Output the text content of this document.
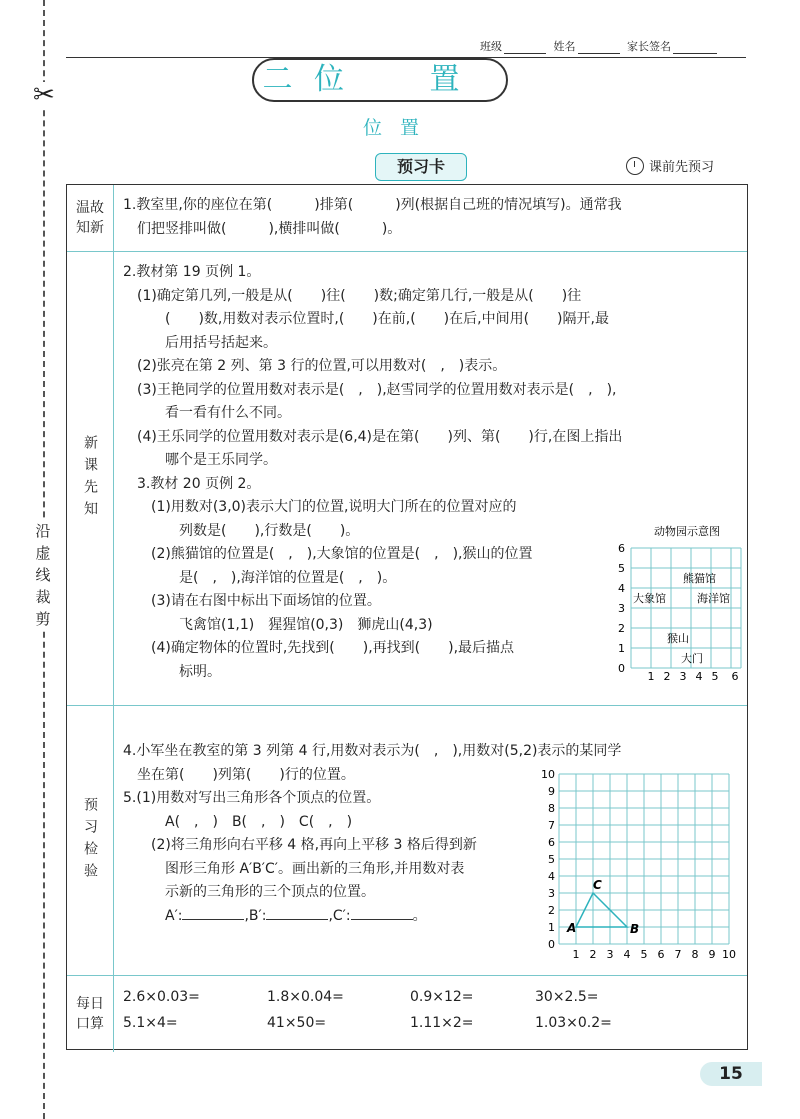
✂
沿
虚
线
裁
剪
班级	姓名	家长签名
二 位 置
位置
预习卡	课前先预习
温故
知新
1.教室里,你的座位在第(　　　)排第(　　　)列(根据自己班的情况填写)。通常我
们把竖排叫做(　　　),横排叫做(　　　)。
新课先知
2.教材第 19 页例 1。
(1)确定第几列,一般是从(　　)往(　　)数;确定第几行,一般是从(　　)往
(　　)数,用数对表示位置时,(　　)在前,(　　)在后,中间用(　　)隔开,最
后用括号括起来。
(2)张亮在第 2 列、第 3 行的位置,可以用数对(　,　)表示。
(3)王艳同学的位置用数对表示是(　,　),赵雪同学的位置用数对表示是(　,　),
看一看有什么不同。
(4)王乐同学的位置用数对表示是(6,4)是在第(　　)列、第(　　)行,在图上指出
哪个是王乐同学。
3.教材 20 页例 2。
(1)用数对(3,0)表示大门的位置,说明大门所在的位置对应的
列数是(　　),行数是(　　)。
(2)熊猫馆的位置是(　,　),大象馆的位置是(　,　),猴山的位置
是(　,　),海洋馆的位置是(　,　)。
(3)请在右图中标出下面场馆的位置。
飞禽馆(1,1)　猩猩馆(0,3)　狮虎山(4,3)
(4)确定物体的位置时,先找到(　　),再找到(　　),最后描点
标明。
动物园示意图
6
5
4
3
2
1
0
1 2 3 4 5 6
熊猫馆
大象馆	海洋馆
猴山
大门
预习检验
4.小军坐在教室的第 3 列第 4 行,用数对表示为(　,　),用数对(5,2)表示的某同学
坐在第(　　)列第(　　)行的位置。
5.(1)用数对写出三角形各个顶点的位置。
A(　,　)　B(　,　)　C(　,　)
(2)将三角形向右平移 4 格,再向上平移 3 格后得到新
图形三角形 A′B′C′。画出新的三角形,并用数对表
示新的三角形的三个顶点的位置。
A′:	,B′:	,C′:	。
0
1
2
3
4
5
6
7
8
9
10
1 2 3 4 5 6 7 8 9 10
A	B
C
每日
口算
2.6×0.03=	1.8×0.04=	0.9×12=	30×2.5=
5.1×4=	41×50=	1.11×2=	1.03×0.2=
15
